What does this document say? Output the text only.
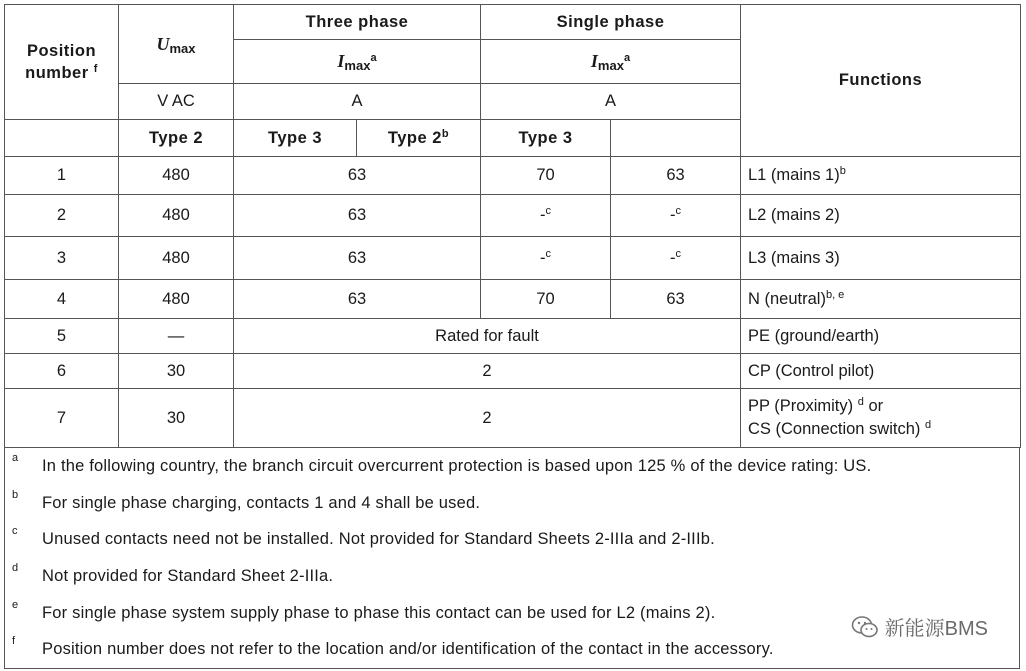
Position number $^f$	$U_{max}$	Three phase		Single phase		Functions
		$I_{max}^a$		$I_{max}^a$
	V AC	A		A		
	Type 2	Type 3	Type 2$^b$	Type 3		
1	480	63		70	63	L1 (mains 1)$^b$
2	480	63		-$^c$	-$^c$	L2 (mains 2)
3	480	63		-$^c$	-$^c$	L3 (mains 3)
4	480	63		70	63	N (neutral)$^{b, e}$
5	—	Rated for fault				PE (ground/earth)
6	30	2				CP (Control pilot)
7	30	2				PP (Proximity) $^d$ or
CS (Connection switch) $^d$
a In the following country, the branch circuit overcurrent protection is based upon 125 % of the device rating: US.
b For single phase charging, contacts 1 and 4 shall be used.
c Unused contacts need not be installed. Not provided for Standard Sheets 2-IIIa and 2-IIIb.
d Not provided for Standard Sheet 2-IIIa.
e For single phase system supply phase to phase this contact can be used for L2 (mains 2).
f Position number does not refer to the location and/or identification of the contact in the accessory.
新能源BMS
